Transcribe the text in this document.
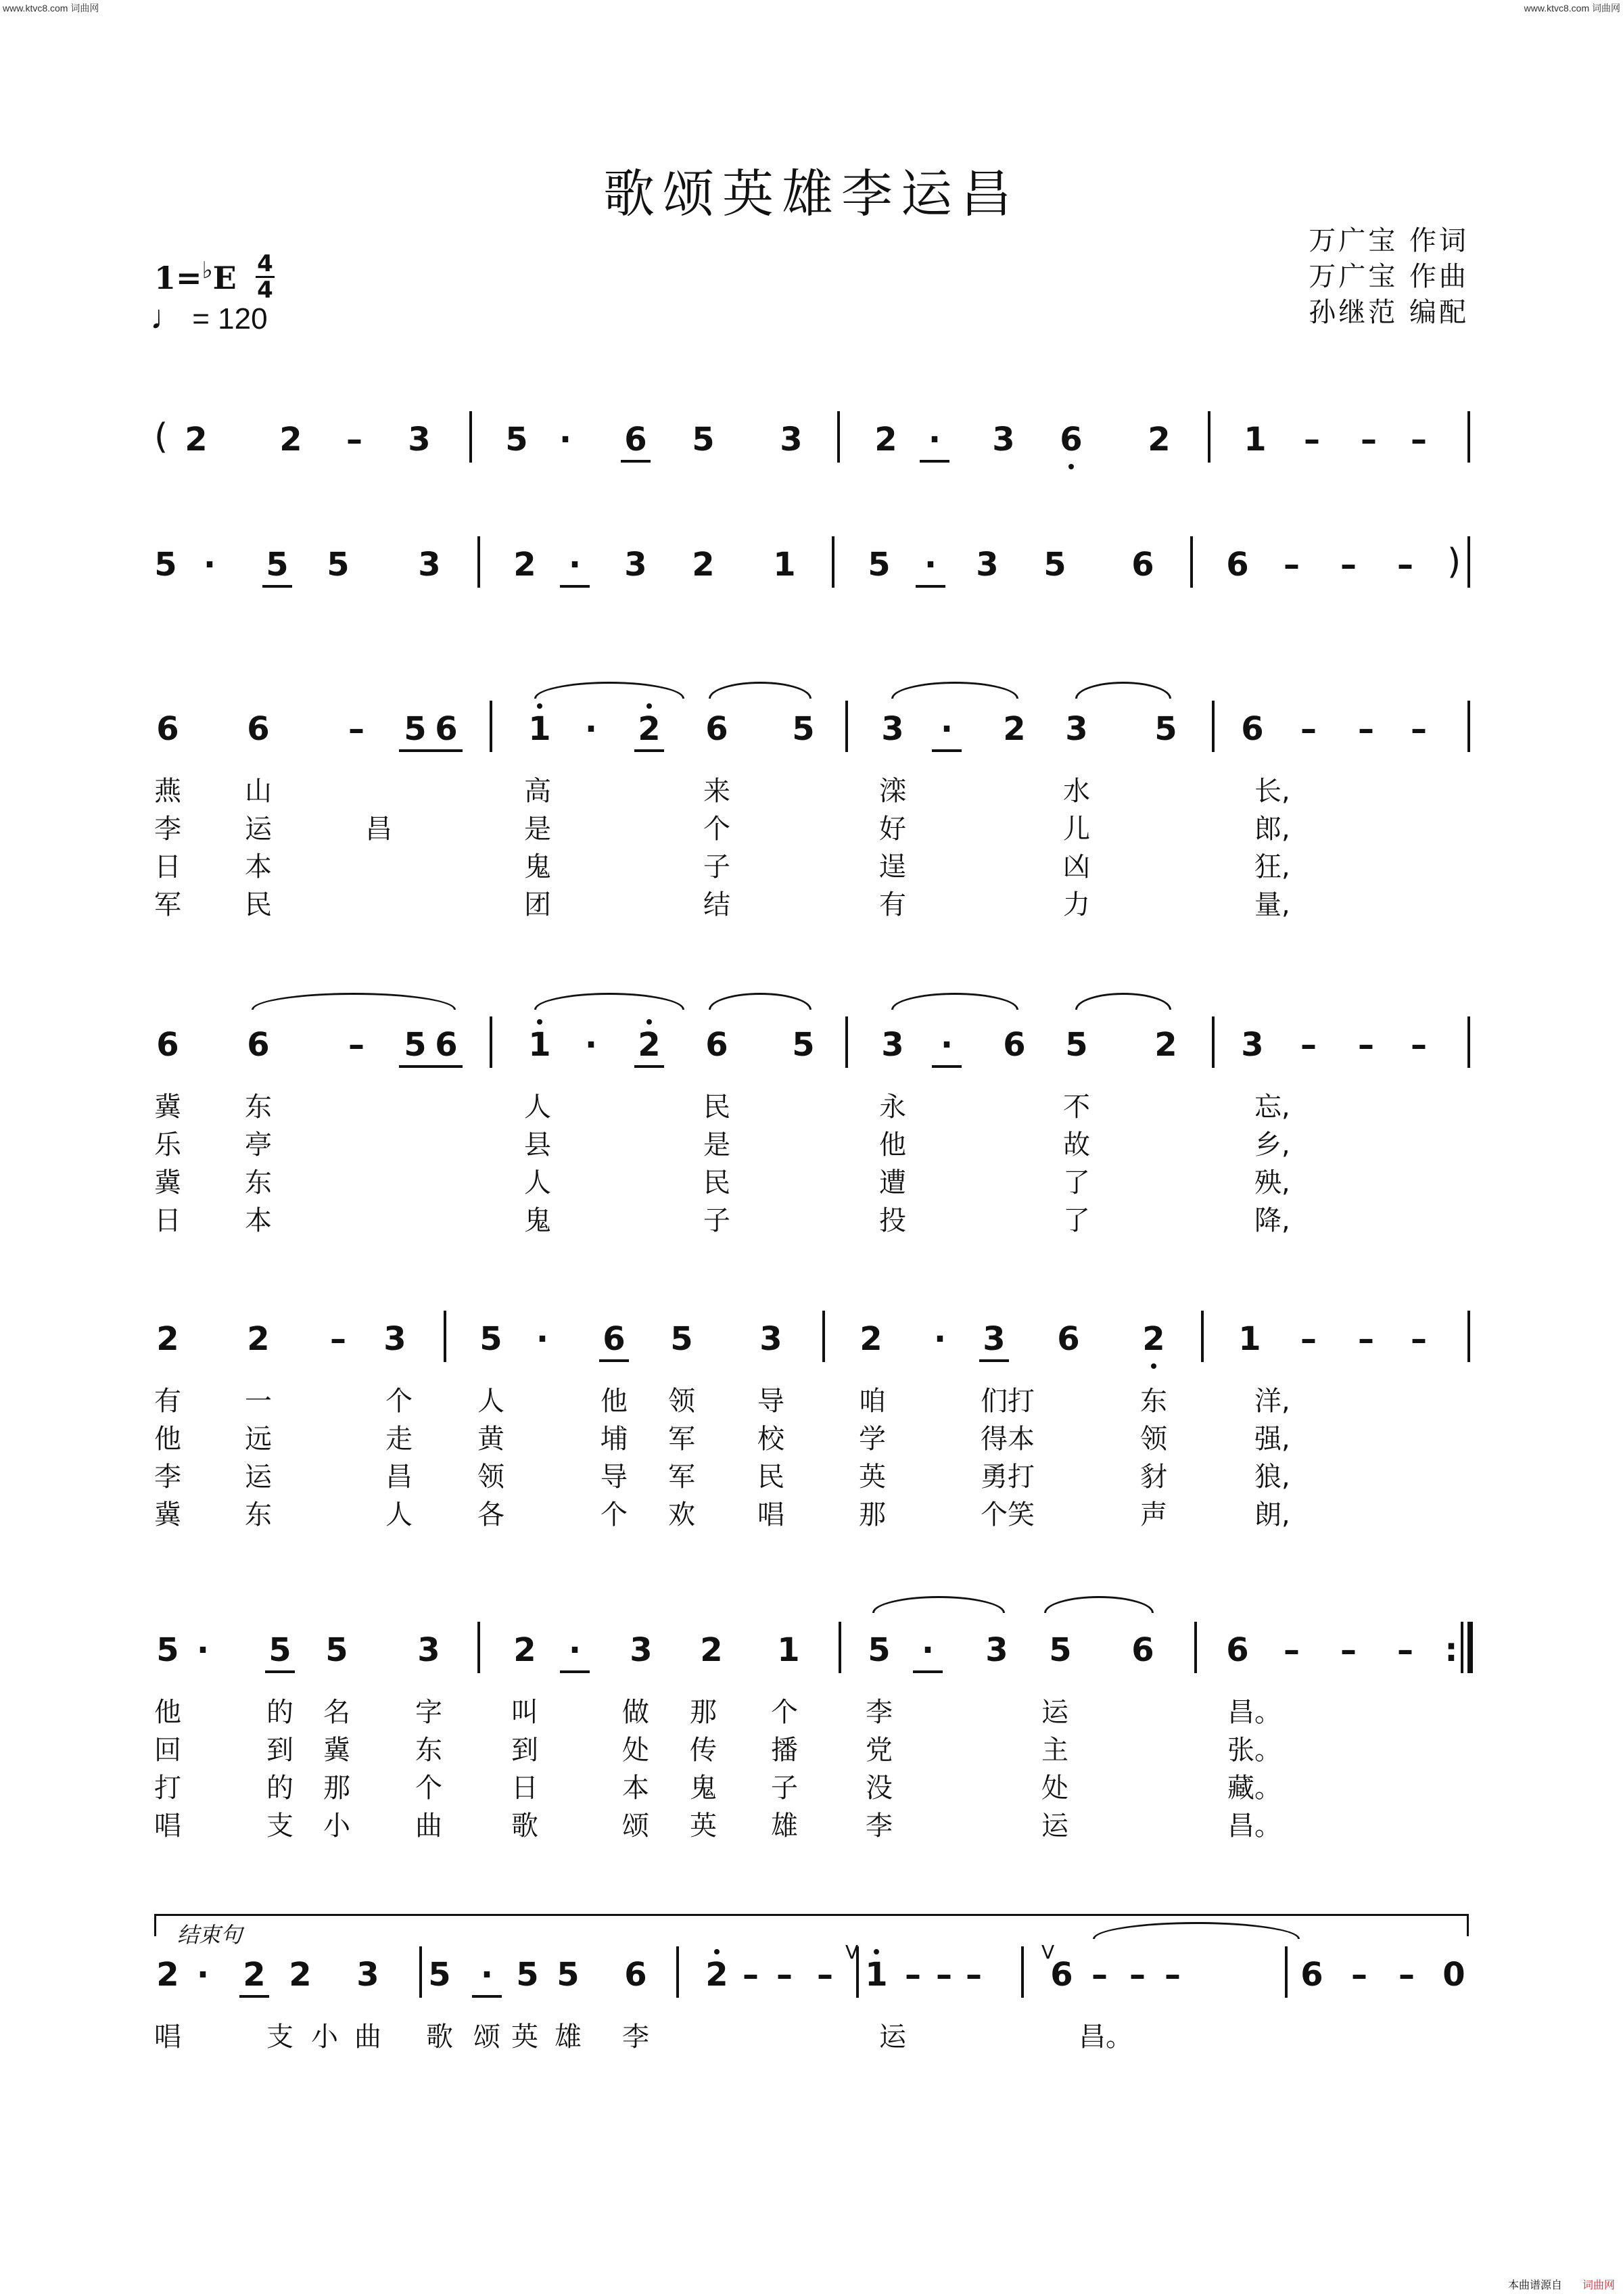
www.ktvc8.com 词曲网	www.ktvc8.com 词曲网
歌颂英雄李运昌
万广宝 作词
万广宝 作曲
孙继范 编配
1=♭E 4
4
♩ = 120
结束句
( 2 2 – 3 5 · 6 5 3 2 · 3 6 2 1 – – –
5 · 5 5 3 2 · 3 2 1 5 · 3 5 6 6 – – – )
6 6 – 5 6 1 · 2 6 5 3 · 2 3 5 6 – – –
燕 山	高	来	滦	水	长,
李 运	昌	是	个	好	儿	郎,
日 本	鬼	子	逞	凶	狂,
军 民	团	结	有	力	量,
6 6 – 5 6 1 · 2 6 5 3 · 6 5 2 3 – – –
冀 东	人	民	永	不	忘,
乐 亭	县	是	他	故	乡,
冀 东	人	民	遭	了	殃,
日 本	鬼	子	投	了	降,
2 2 – 3 5 · 6 5 3 2 · 3 6 2 1 – – –
有 一	个 人	他 领 导	咱	们 打	东	洋,
他 远	走 黄	埔 军 校	学	得 本	领	强,
李 运	昌 领	导 军 民	英	勇 打	豺	狼,
冀 东	人 各	个 欢 唱	那	个 笑	声	朗,
5 · 5 5 3 2 · 3 2 1 5 · 3 5 6 6 – – – :
他	的 名 字	叫	做 那 个	李	运	昌。
回	到 冀 东	到	处 传 播	党	主	张。
打	的 那 个	日	本 鬼 子	没	处	藏。
唱	支 小 曲	歌	颂 英 雄	李	运	昌。
2 · 2 2 3 5 · 5 5 6 2 – – – 1 – – – 6 – – –	6 – – 0
唱	支 小 曲 歌 颂 英 雄 李	运	昌。
V	V
本曲谱源自 词曲网
